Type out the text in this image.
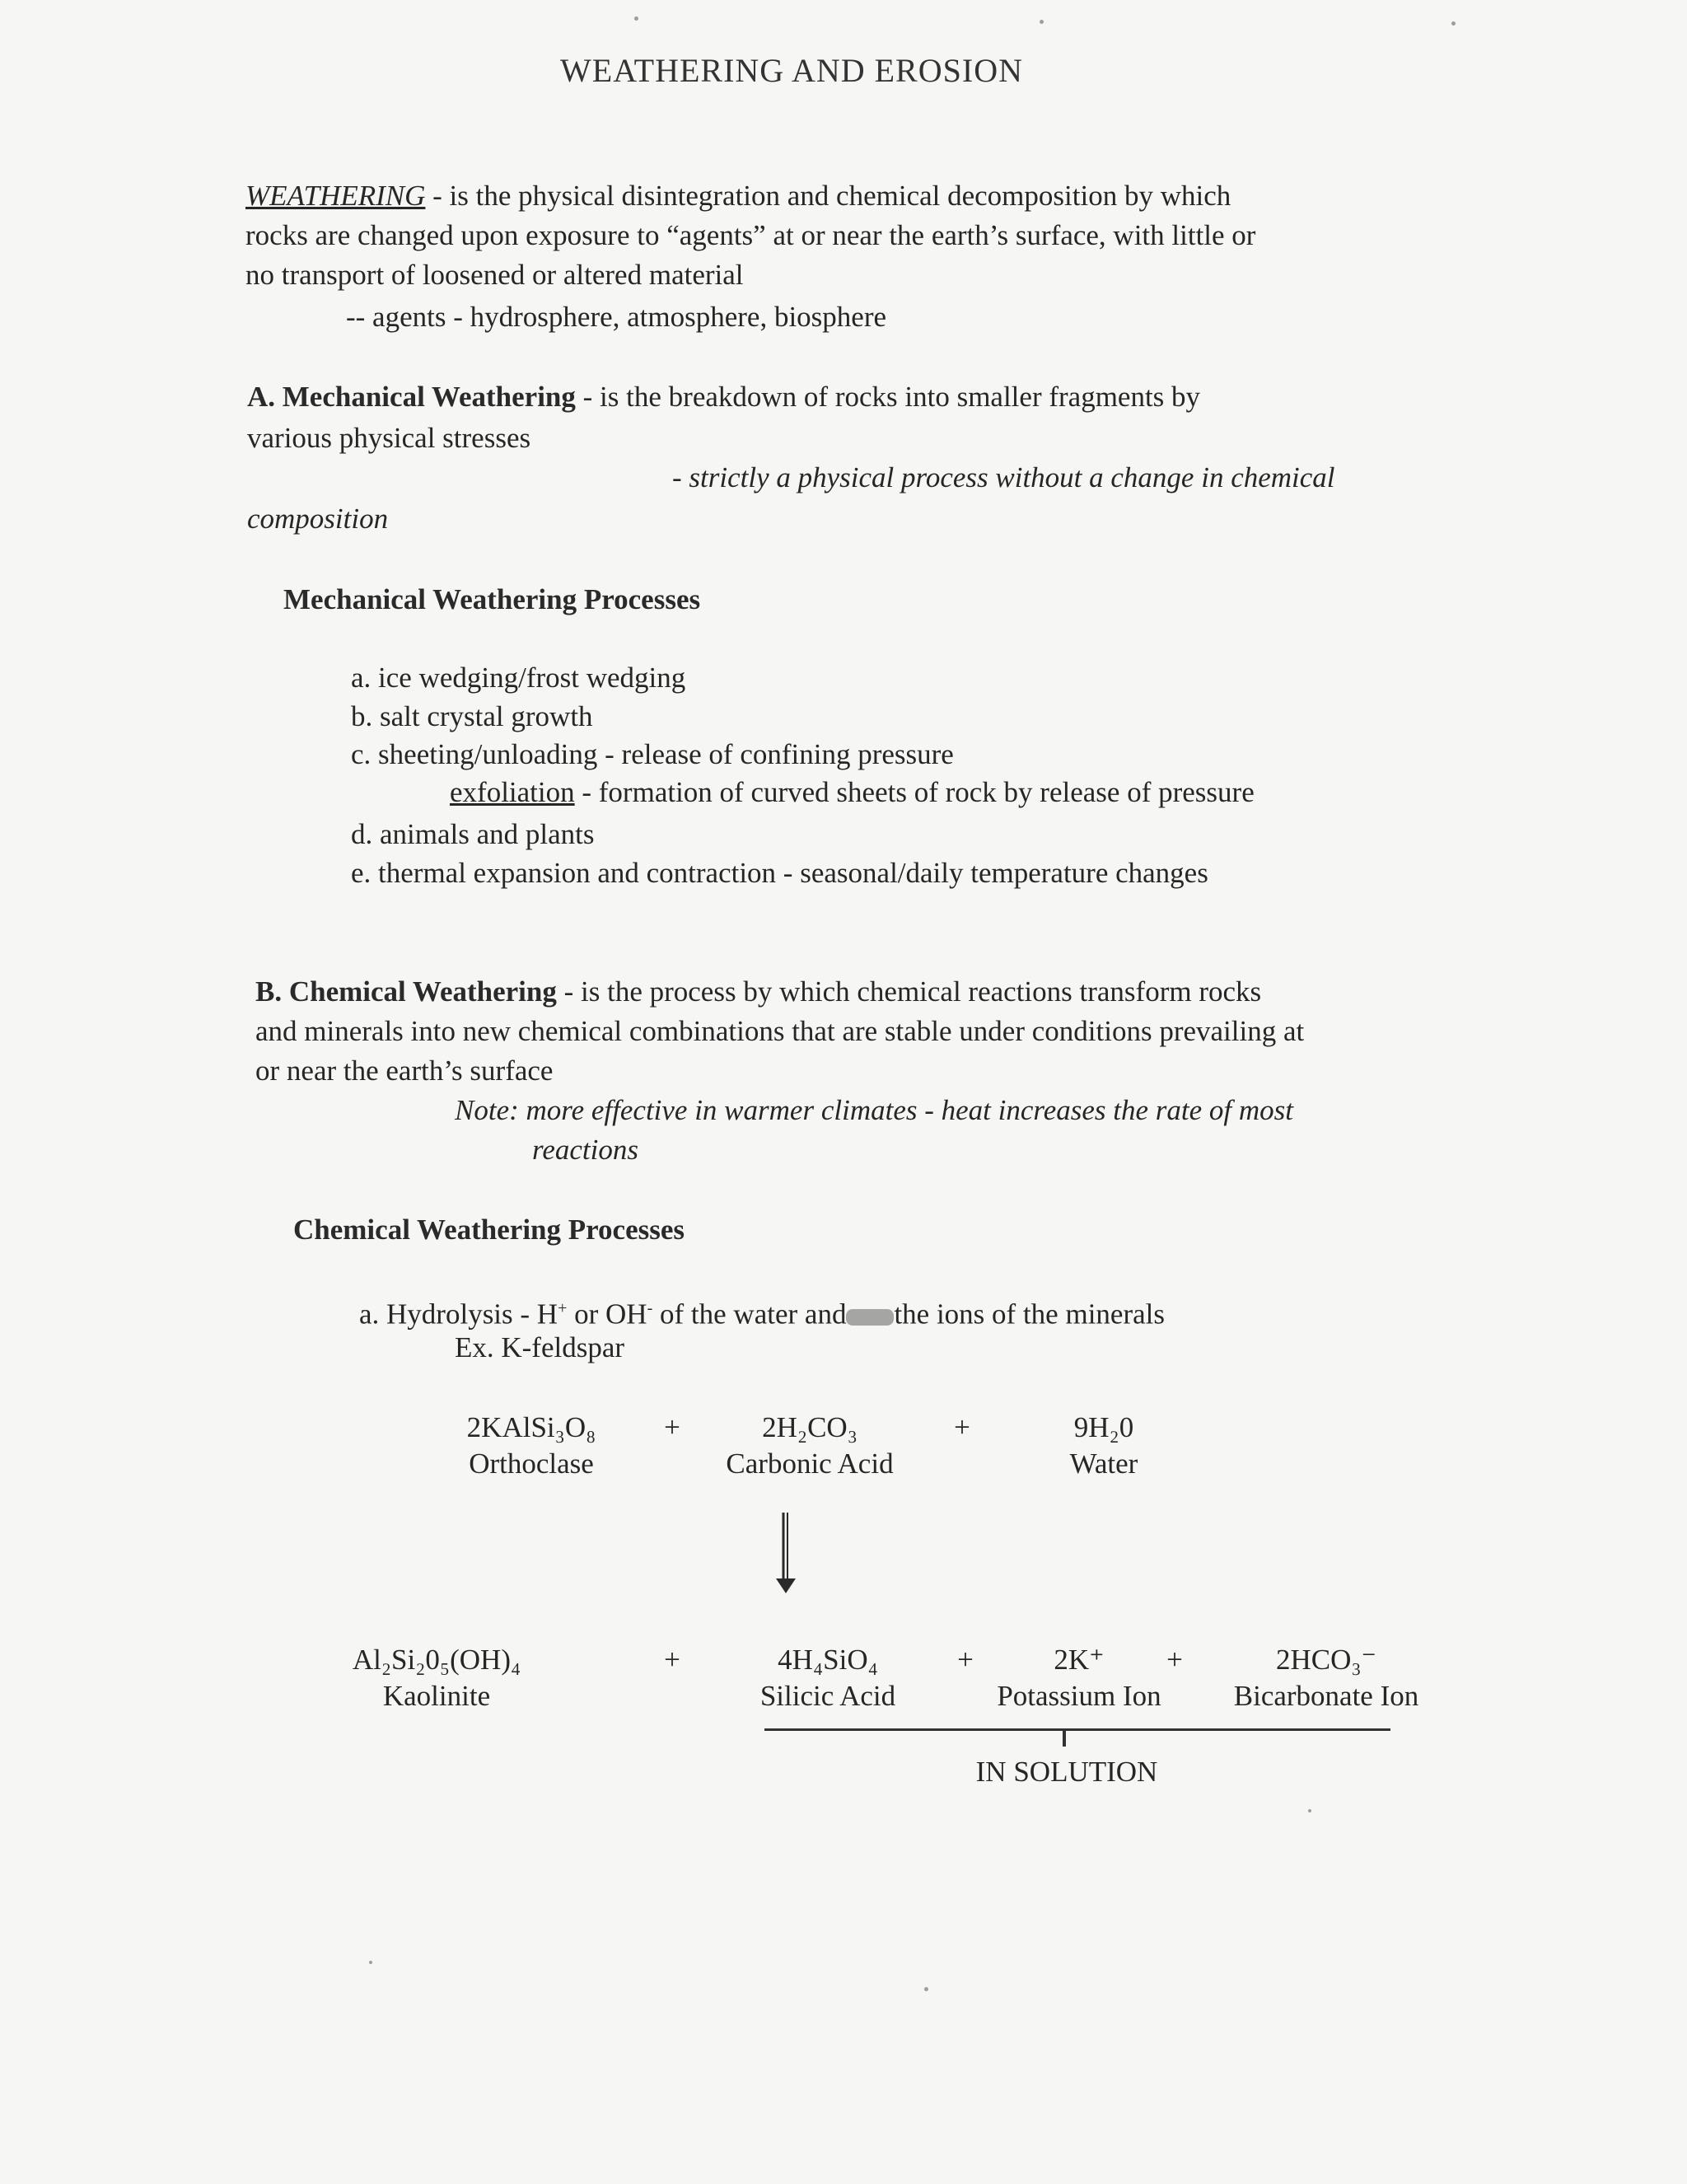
WEATHERING AND EROSION
WEATHERING - is the physical disintegration and chemical decomposition by which
rocks are changed upon exposure to “agents” at or near the earth’s surface, with little or
no transport of loosened or altered material
-- agents - hydrosphere, atmosphere, biosphere
A. Mechanical Weathering - is the breakdown of rocks into smaller fragments by
various physical stresses
- strictly a physical process without a change in chemical
composition
Mechanical Weathering Processes
a. ice wedging/frost wedging
b. salt crystal growth
c. sheeting/unloading - release of confining pressure
exfoliation - formation of curved sheets of rock by release of pressure
d. animals and plants
e. thermal expansion and contraction - seasonal/daily temperature changes
B. Chemical Weathering - is the process by which chemical reactions transform rocks
and minerals into new chemical combinations that are stable under conditions prevailing at
or near the earth’s surface
Note: more effective in warmer climates - heat increases the rate of most
reactions
Chemical Weathering Processes
a. Hydrolysis - H+ or OH- of the water and the ions of the minerals
Ex. K-feldspar
2KAlSi₃O₈
Orthoclase
+	2H₂CO₃
Carbonic Acid
+	9H₂0
Water
Al₂Si₂0₅(OH)₄
Kaolinite
+	4H₄SiO₄
Silicic Acid
+	2K⁺
Potassium Ion
+	2HCO₃⁻
Bicarbonate Ion
IN SOLUTION
